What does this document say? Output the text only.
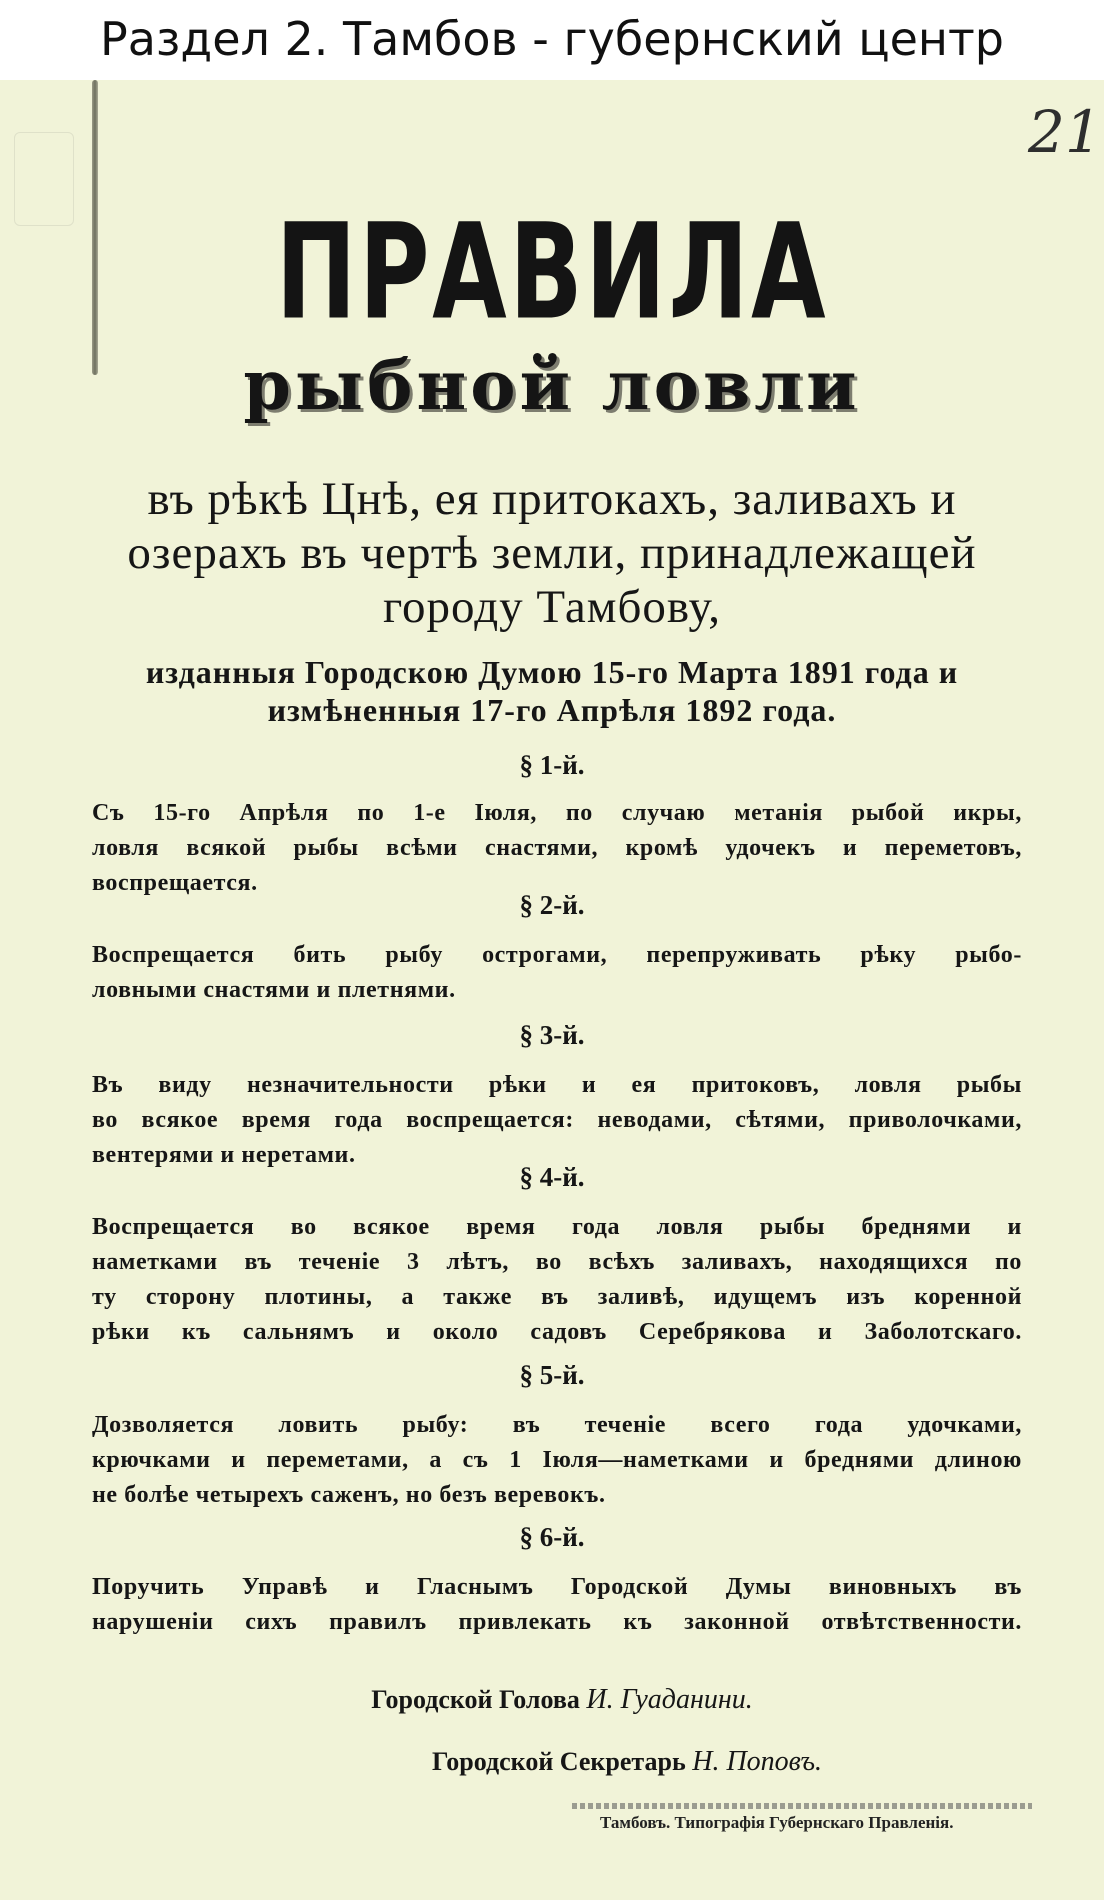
Раздел 2. Тамбов - губернский центр
21
ПРАВИЛА
рыбной ловли
въ рѣкѣ Цнѣ, ея притокахъ, заливахъ и
озерахъ въ чертѣ земли, принадлежащей
городу Тамбову,
изданныя Городскою Думою 15-го Марта 1891 года и
измѣненныя 17-го Апрѣля 1892 года.
§ 1-й.
Съ 15-го Апрѣля по 1-е Іюля, по случаю метанія рыбой икры,
ловля всякой рыбы всѣми снастями, кромѣ удочекъ и переметовъ,
воспрещается.
§ 2-й.
Воспрещается бить рыбу острогами, перепруживать рѣку рыбо-
ловными снастями и плетнями.
§ 3-й.
Въ виду незначительности рѣки и ея притоковъ, ловля рыбы
во всякое время года воспрещается: неводами, сѣтями, приволочками,
вентерями и неретами.
§ 4-й.
Воспрещается во всякое время года ловля рыбы бреднями и
наметками въ теченіе 3 лѣтъ, во всѣхъ заливахъ, находящихся по
ту сторону плотины, а также въ заливѣ, идущемъ изъ коренной
рѣки къ сальнямъ и около садовъ Серебрякова и Заболотскаго.
§ 5-й.
Дозволяется ловить рыбу: въ теченіе всего года удочками,
крючками и переметами, а съ 1 Іюля—наметками и бреднями длиною
не болѣе четырехъ саженъ, но безъ веревокъ.
§ 6-й.
Поручить Управѣ и Гласнымъ Городской Думы виновныхъ въ
нарушеніи сихъ правилъ привлекать къ законной отвѣтственности.
Городской Голова И. Гуаданини.
Городской Секретарь Н. Поповъ.
Тамбовъ. Типографія Губернскаго Правленія.
